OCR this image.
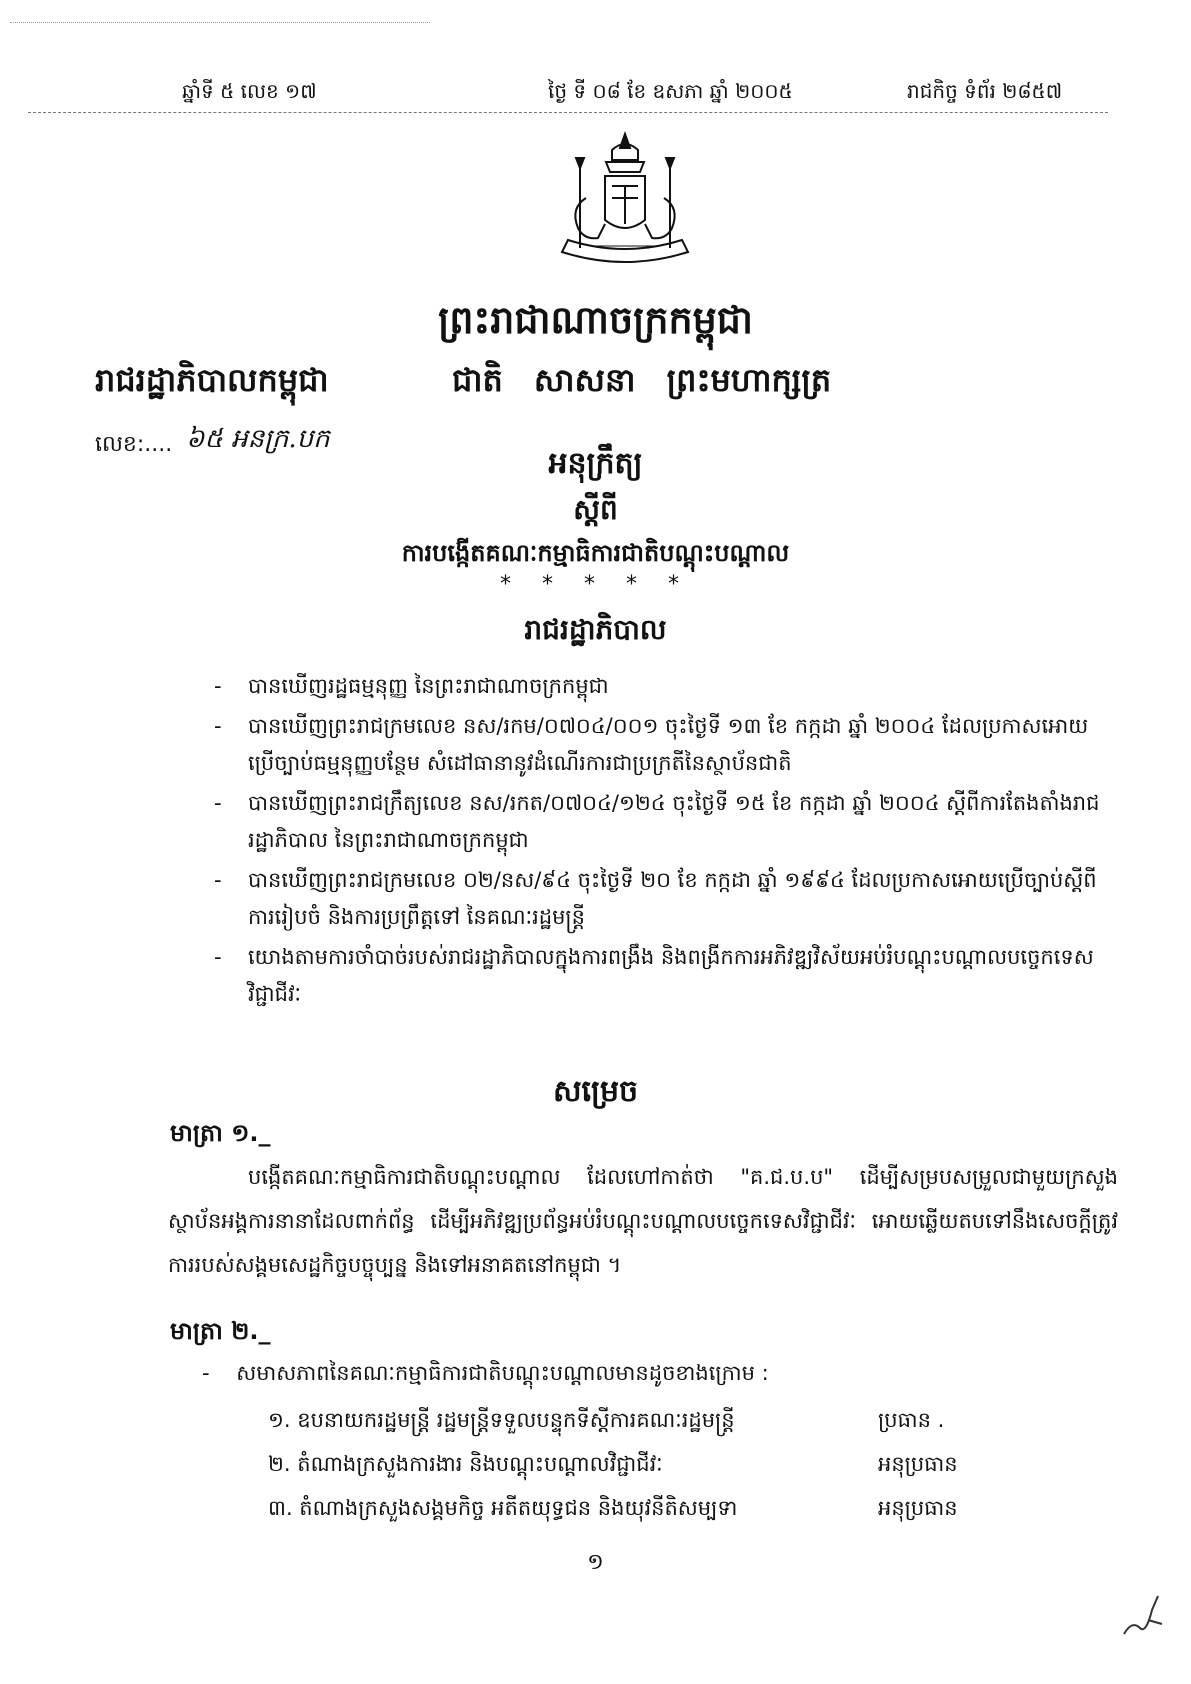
ឆ្នាំទី ៥ លេខ ១៧	ថ្ងៃ ទី ០៨ ខែ ឧសភា ឆ្នាំ ២០០៥	រាជកិច្ច ទំព័រ ២៨៥៧
ព្រះរាជាណាចក្រកម្ពុជា
រាជរដ្ឋាភិបាលកម្ពុជា	ជាតិ សាសនា ព្រះមហាក្សត្រ
លេខ:.... ៦៥ អនក្រ.បក
អនុក្រឹត្យ
ស្តីពី
ការបង្កើតគណៈកម្មាធិការជាតិបណ្តុះបណ្តាល
* * * * *
រាជរដ្ឋាភិបាល
- បានឃើញរដ្ឋធម្មនុញ្ញ នៃព្រះរាជាណាចក្រកម្ពុជា
- បានឃើញព្រះរាជក្រមលេខ នស/រកម/០៧០៤/០០១ ចុះថ្ងៃទី ១៣ ខែ កក្កដា ឆ្នាំ ២០០៤ ដែលប្រកាសអោយប្រើច្បាប់ធម្មនុញ្ញបន្ថែម សំដៅធានានូវដំណើរការជាប្រក្រតីនៃស្ថាប័នជាតិ
- បានឃើញព្រះរាជក្រឹត្យលេខ នស/រកត/០៧០៤/១២៤ ចុះថ្ងៃទី ១៥ ខែ កក្កដា ឆ្នាំ ២០០៤ ស្តីពីការតែងតាំងរាជរដ្ឋាភិបាល នៃព្រះរាជាណាចក្រកម្ពុជា
- បានឃើញព្រះរាជក្រមលេខ ០២/នស/៩៤ ចុះថ្ងៃទី ២០ ខែ កក្កដា ឆ្នាំ ១៩៩៤ ដែលប្រកាសអោយប្រើច្បាប់ស្តីពីការរៀបចំ និងការប្រព្រឹត្តទៅ នៃគណៈរដ្ឋមន្ត្រី
- យោងតាមការចាំបាច់របស់រាជរដ្ឋាភិបាលក្នុងការពង្រឹង និងពង្រីកការអភិវឌ្ឍវិស័យអប់រំបណ្តុះបណ្តាលបច្ចេកទេសវិជ្ជាជីវៈ
សម្រេច
មាត្រា ១._
បង្កើតគណៈកម្មាធិការជាតិបណ្តុះបណ្តាល ដែលហៅកាត់ថា "គ.ជ.ប.ប" ដើម្បីសម្របសម្រួលជាមួយក្រសួង ស្ថាប័នអង្គការនានាដែលពាក់ព័ន្ធ ដើម្បីអភិវឌ្ឍប្រព័ន្ធអប់រំបណ្តុះបណ្តាលបច្ចេកទេសវិជ្ជាជីវៈ អោយឆ្លើយតបទៅនឹងសេចក្តីត្រូវការរបស់សង្គមសេដ្ឋកិច្ចបច្ចុប្បន្ន និងទៅអនាគតនៅកម្ពុជា ។
មាត្រា ២._
-    សមាសភាពនៃគណៈកម្មាធិការជាតិបណ្តុះបណ្តាលមានដូចខាងក្រោម :
១. ឧបនាយករដ្ឋមន្ត្រី រដ្ឋមន្ត្រីទទួលបន្ទុកទីស្តីការគណៈរដ្ឋមន្ត្រី	ប្រធាន .
២. តំណាងក្រសួងការងារ និងបណ្តុះបណ្តាលវិជ្ជាជីវៈ	អនុប្រធាន
៣. តំណាងក្រសួងសង្គមកិច្ច អតីតយុទ្ធជន និងយុវនីតិសម្បទា	អនុប្រធាន
១
